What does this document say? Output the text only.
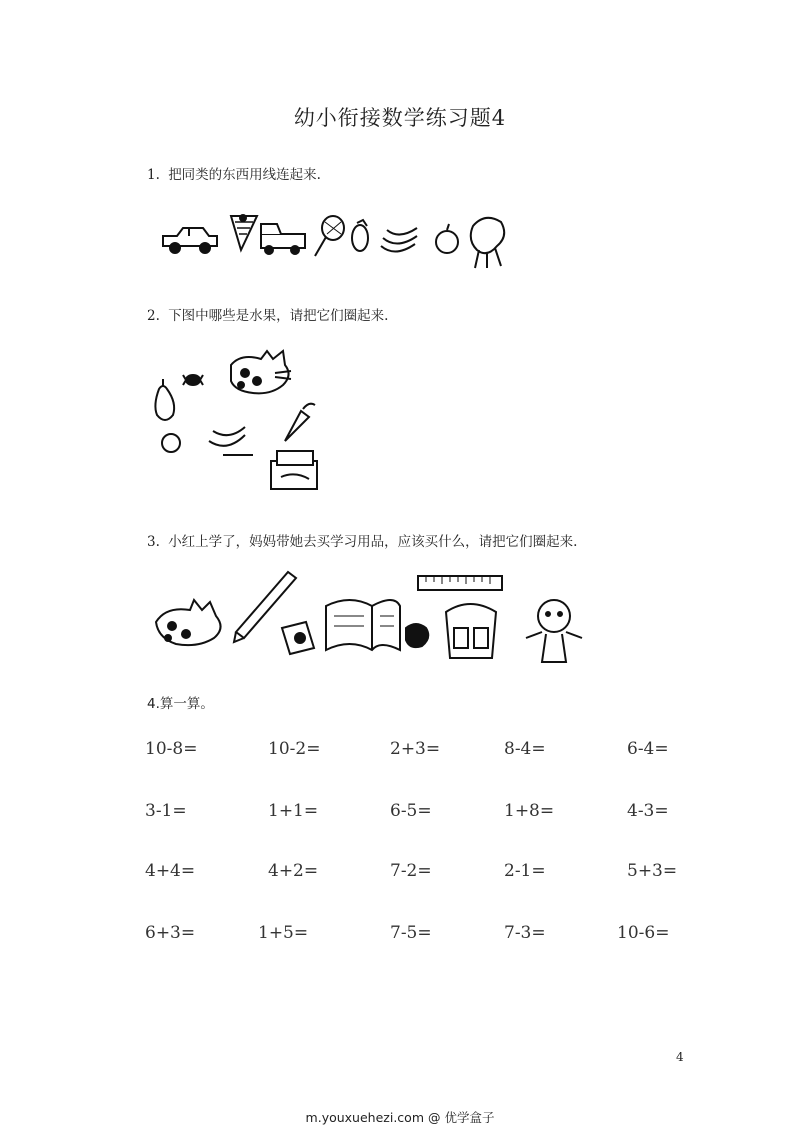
幼小衔接数学练习题4
1. 把同类的东西用线连起来.
2. 下图中哪些是水果，请把它们圈起来.
3. 小红上学了，妈妈带她去买学习用品，应该买什么，请把它们圈起来.
4.算一算。
10-8=	10-2=	2+3=	8-4=	6-4=
3-1=	1+1=	6-5=	1+8=	4-3=
4+4=	4+2=	7-2=	2-1=	5+3=
6+3=	1+5=	7-5=	7-3=	10-6=
4
m.youxuehezi.com @ 优学盒子
